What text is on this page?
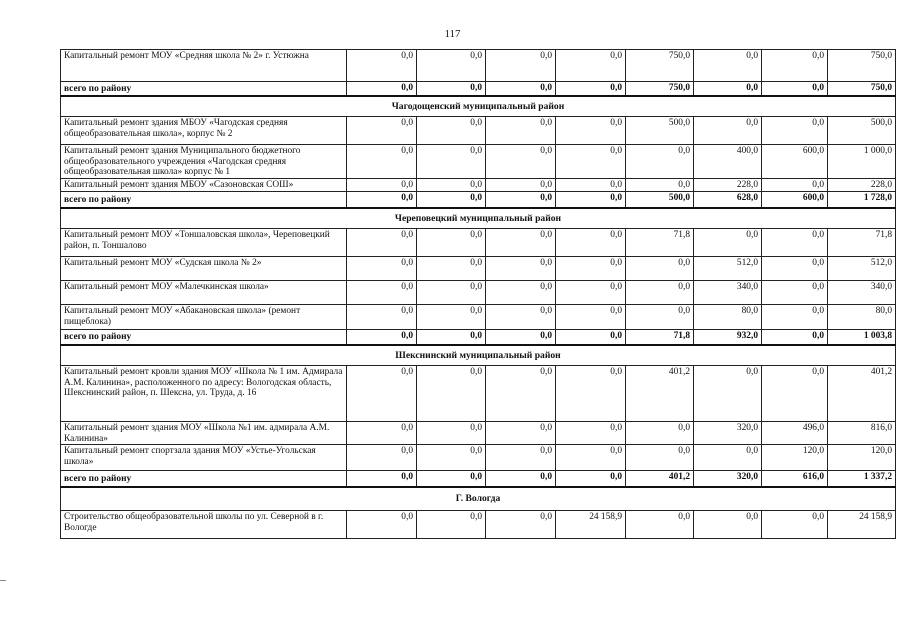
117
Капитальный ремонт МОУ «Средняя школа № 2» г. Устюжна	0,0	0,0	0,0	0,0	750,0	0,0	0,0	750,0
всего по району	0,0	0,0	0,0	0,0	750,0	0,0	0,0	750,0
Чагодощенский муниципальный район								
Капитальный ремонт здания МБОУ «Чагодская средняя общеобразовательная школа», корпус № 2	0,0	0,0	0,0	0,0	500,0	0,0	0,0	500,0
Капитальный ремонт здания Муниципального бюджетного общеобразовательного учреждения «Чагодская средняя общеобразовательная школа» корпус № 1	0,0	0,0	0,0	0,0	0,0	400,0	600,0	1 000,0
Капитальный ремонт здания МБОУ «Сазоновская СОШ»	0,0	0,0	0,0	0,0	0,0	228,0	0,0	228,0
всего по району	0,0	0,0	0,0	0,0	500,0	628,0	600,0	1 728,0
Череповецкий муниципальный район								
Капитальный ремонт МОУ «Тоншаловская школа», Череповецкий район, п. Тоншалово	0,0	0,0	0,0	0,0	71,8	0,0	0,0	71,8
Капитальный ремонт МОУ «Судская школа № 2»	0,0	0,0	0,0	0,0	0,0	512,0	0,0	512,0
Капитальный ремонт МОУ «Малечкинская школа»	0,0	0,0	0,0	0,0	0,0	340,0	0,0	340,0
Капитальный ремонт МОУ «Абакановская школа» (ремонт пищеблока)	0,0	0,0	0,0	0,0	0,0	80,0	0,0	80,0
всего по району	0,0	0,0	0,0	0,0	71,8	932,0	0,0	1 003,8
Шекснинский муниципальный район								
Капитальный ремонт кровли здания МОУ «Школа № 1 им. Адмирала А.М. Калинина», расположенного по адресу: Вологодская область, Шекснинский район, п. Шексна, ул. Труда, д. 16	0,0	0,0	0,0	0,0	401,2	0,0	0,0	401,2
Капитальный ремонт здания МОУ «Школа №1 им. адмирала А.М. Калинина»	0,0	0,0	0,0	0,0	0,0	320,0	496,0	816,0
Капитальный ремонт спортзала здания МОУ «Устье-Угольская школа»	0,0	0,0	0,0	0,0	0,0	0,0	120,0	120,0
всего по району	0,0	0,0	0,0	0,0	401,2	320,0	616,0	1 337,2
Г. Вологда								
Строительство общеобразовательной школы по ул. Северной в г. Вологде	0,0	0,0	0,0	24 158,9	0,0	0,0	0,0	24 158,9
